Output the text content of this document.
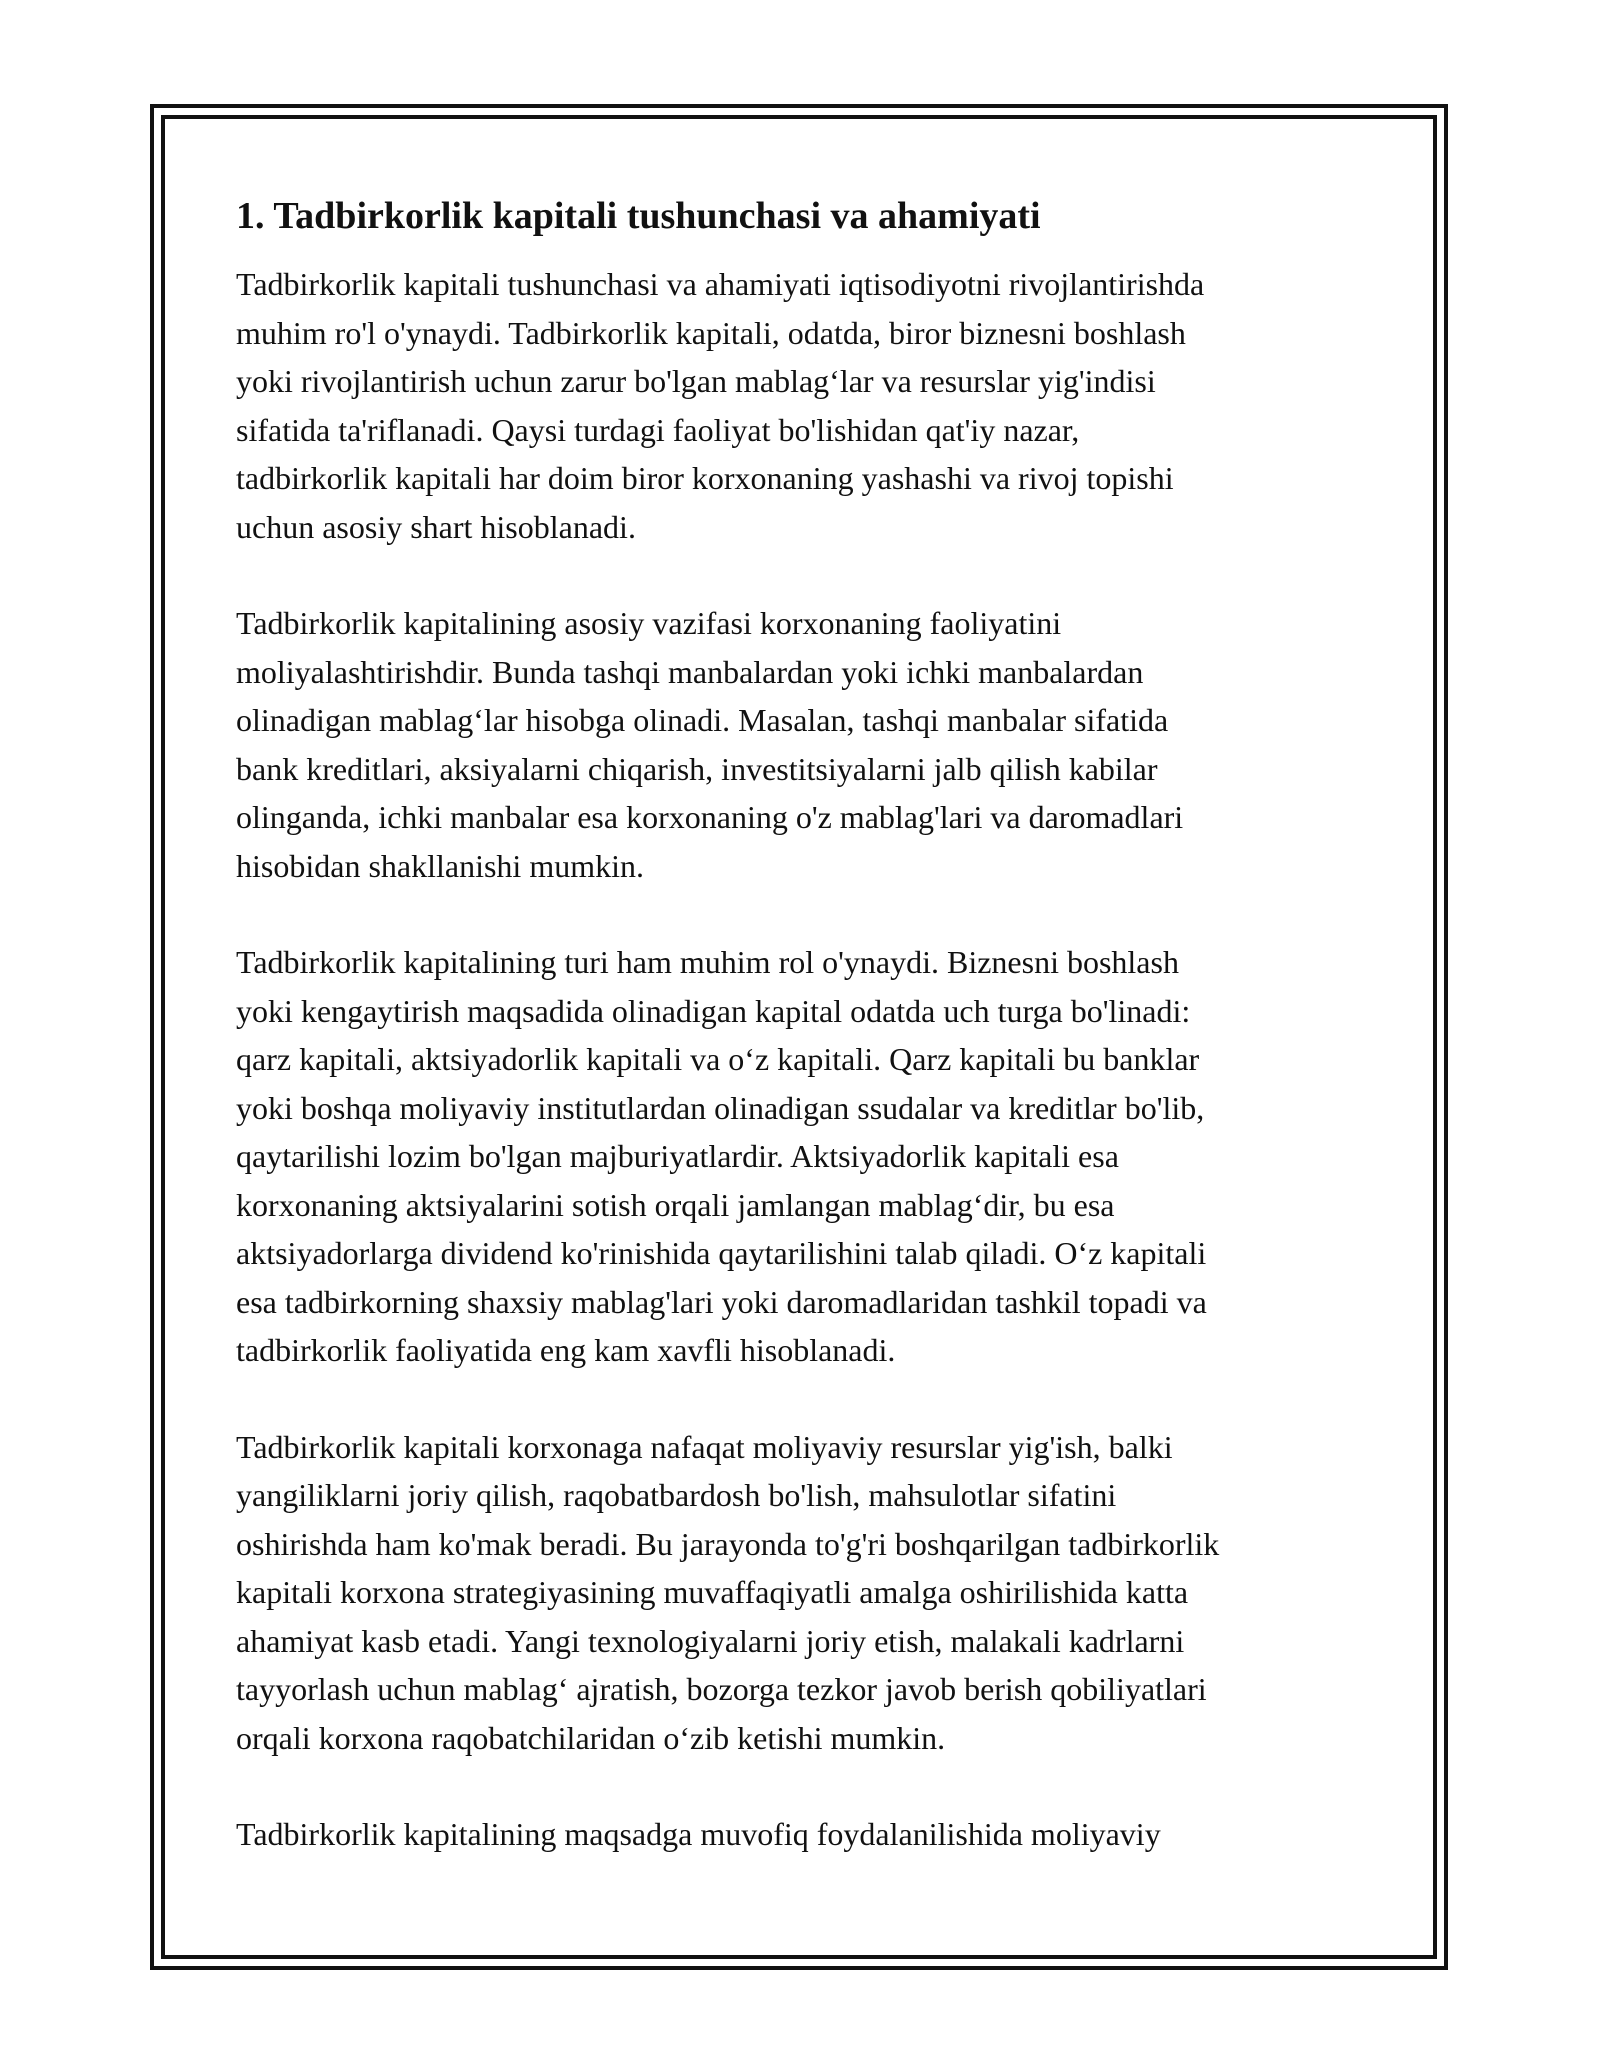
1. Tadbirkorlik kapitali tushunchasi va ahamiyati

Tadbirkorlik kapitali tushunchasi va ahamiyati iqtisodiyotni rivojlantirishda
muhim ro'l o'ynaydi. Tadbirkorlik kapitali, odatda, biror biznesni boshlash
yoki rivojlantirish uchun zarur bo'lgan mablag‘lar va resurslar yig'indisi
sifatida ta'riflanadi. Qaysi turdagi faoliyat bo'lishidan qat'iy nazar,
tadbirkorlik kapitali har doim biror korxonaning yashashi va rivoj topishi
uchun asosiy shart hisoblanadi.

Tadbirkorlik kapitalining asosiy vazifasi korxonaning faoliyatini
moliyalashtirishdir. Bunda tashqi manbalardan yoki ichki manbalardan
olinadigan mablag‘lar hisobga olinadi. Masalan, tashqi manbalar sifatida
bank kreditlari, aksiyalarni chiqarish, investitsiyalarni jalb qilish kabilar
olinganda, ichki manbalar esa korxonaning o'z mablag'lari va daromadlari
hisobidan shakllanishi mumkin.

Tadbirkorlik kapitalining turi ham muhim rol o'ynaydi. Biznesni boshlash
yoki kengaytirish maqsadida olinadigan kapital odatda uch turga bo'linadi:
qarz kapitali, aktsiyadorlik kapitali va o‘z kapitali. Qarz kapitali bu banklar
yoki boshqa moliyaviy institutlardan olinadigan ssudalar va kreditlar bo'lib,
qaytarilishi lozim bo'lgan majburiyatlardir. Aktsiyadorlik kapitali esa
korxonaning aktsiyalarini sotish orqali jamlangan mablag‘dir, bu esa
aktsiyadorlarga dividend ko'rinishida qaytarilishini talab qiladi. O‘z kapitali
esa tadbirkorning shaxsiy mablag'lari yoki daromadlaridan tashkil topadi va
tadbirkorlik faoliyatida eng kam xavfli hisoblanadi.

Tadbirkorlik kapitali korxonaga nafaqat moliyaviy resurslar yig'ish, balki
yangiliklarni joriy qilish, raqobatbardosh bo'lish, mahsulotlar sifatini
oshirishda ham ko'mak beradi. Bu jarayonda to'g'ri boshqarilgan tadbirkorlik
kapitali korxona strategiyasining muvaffaqiyatli amalga oshirilishida katta
ahamiyat kasb etadi. Yangi texnologiyalarni joriy etish, malakali kadrlarni
tayyorlash uchun mablag‘ ajratish, bozorga tezkor javob berish qobiliyatlari
orqali korxona raqobatchilaridan o‘zib ketishi mumkin.

Tadbirkorlik kapitalining maqsadga muvofiq foydalanilishida moliyaviy
